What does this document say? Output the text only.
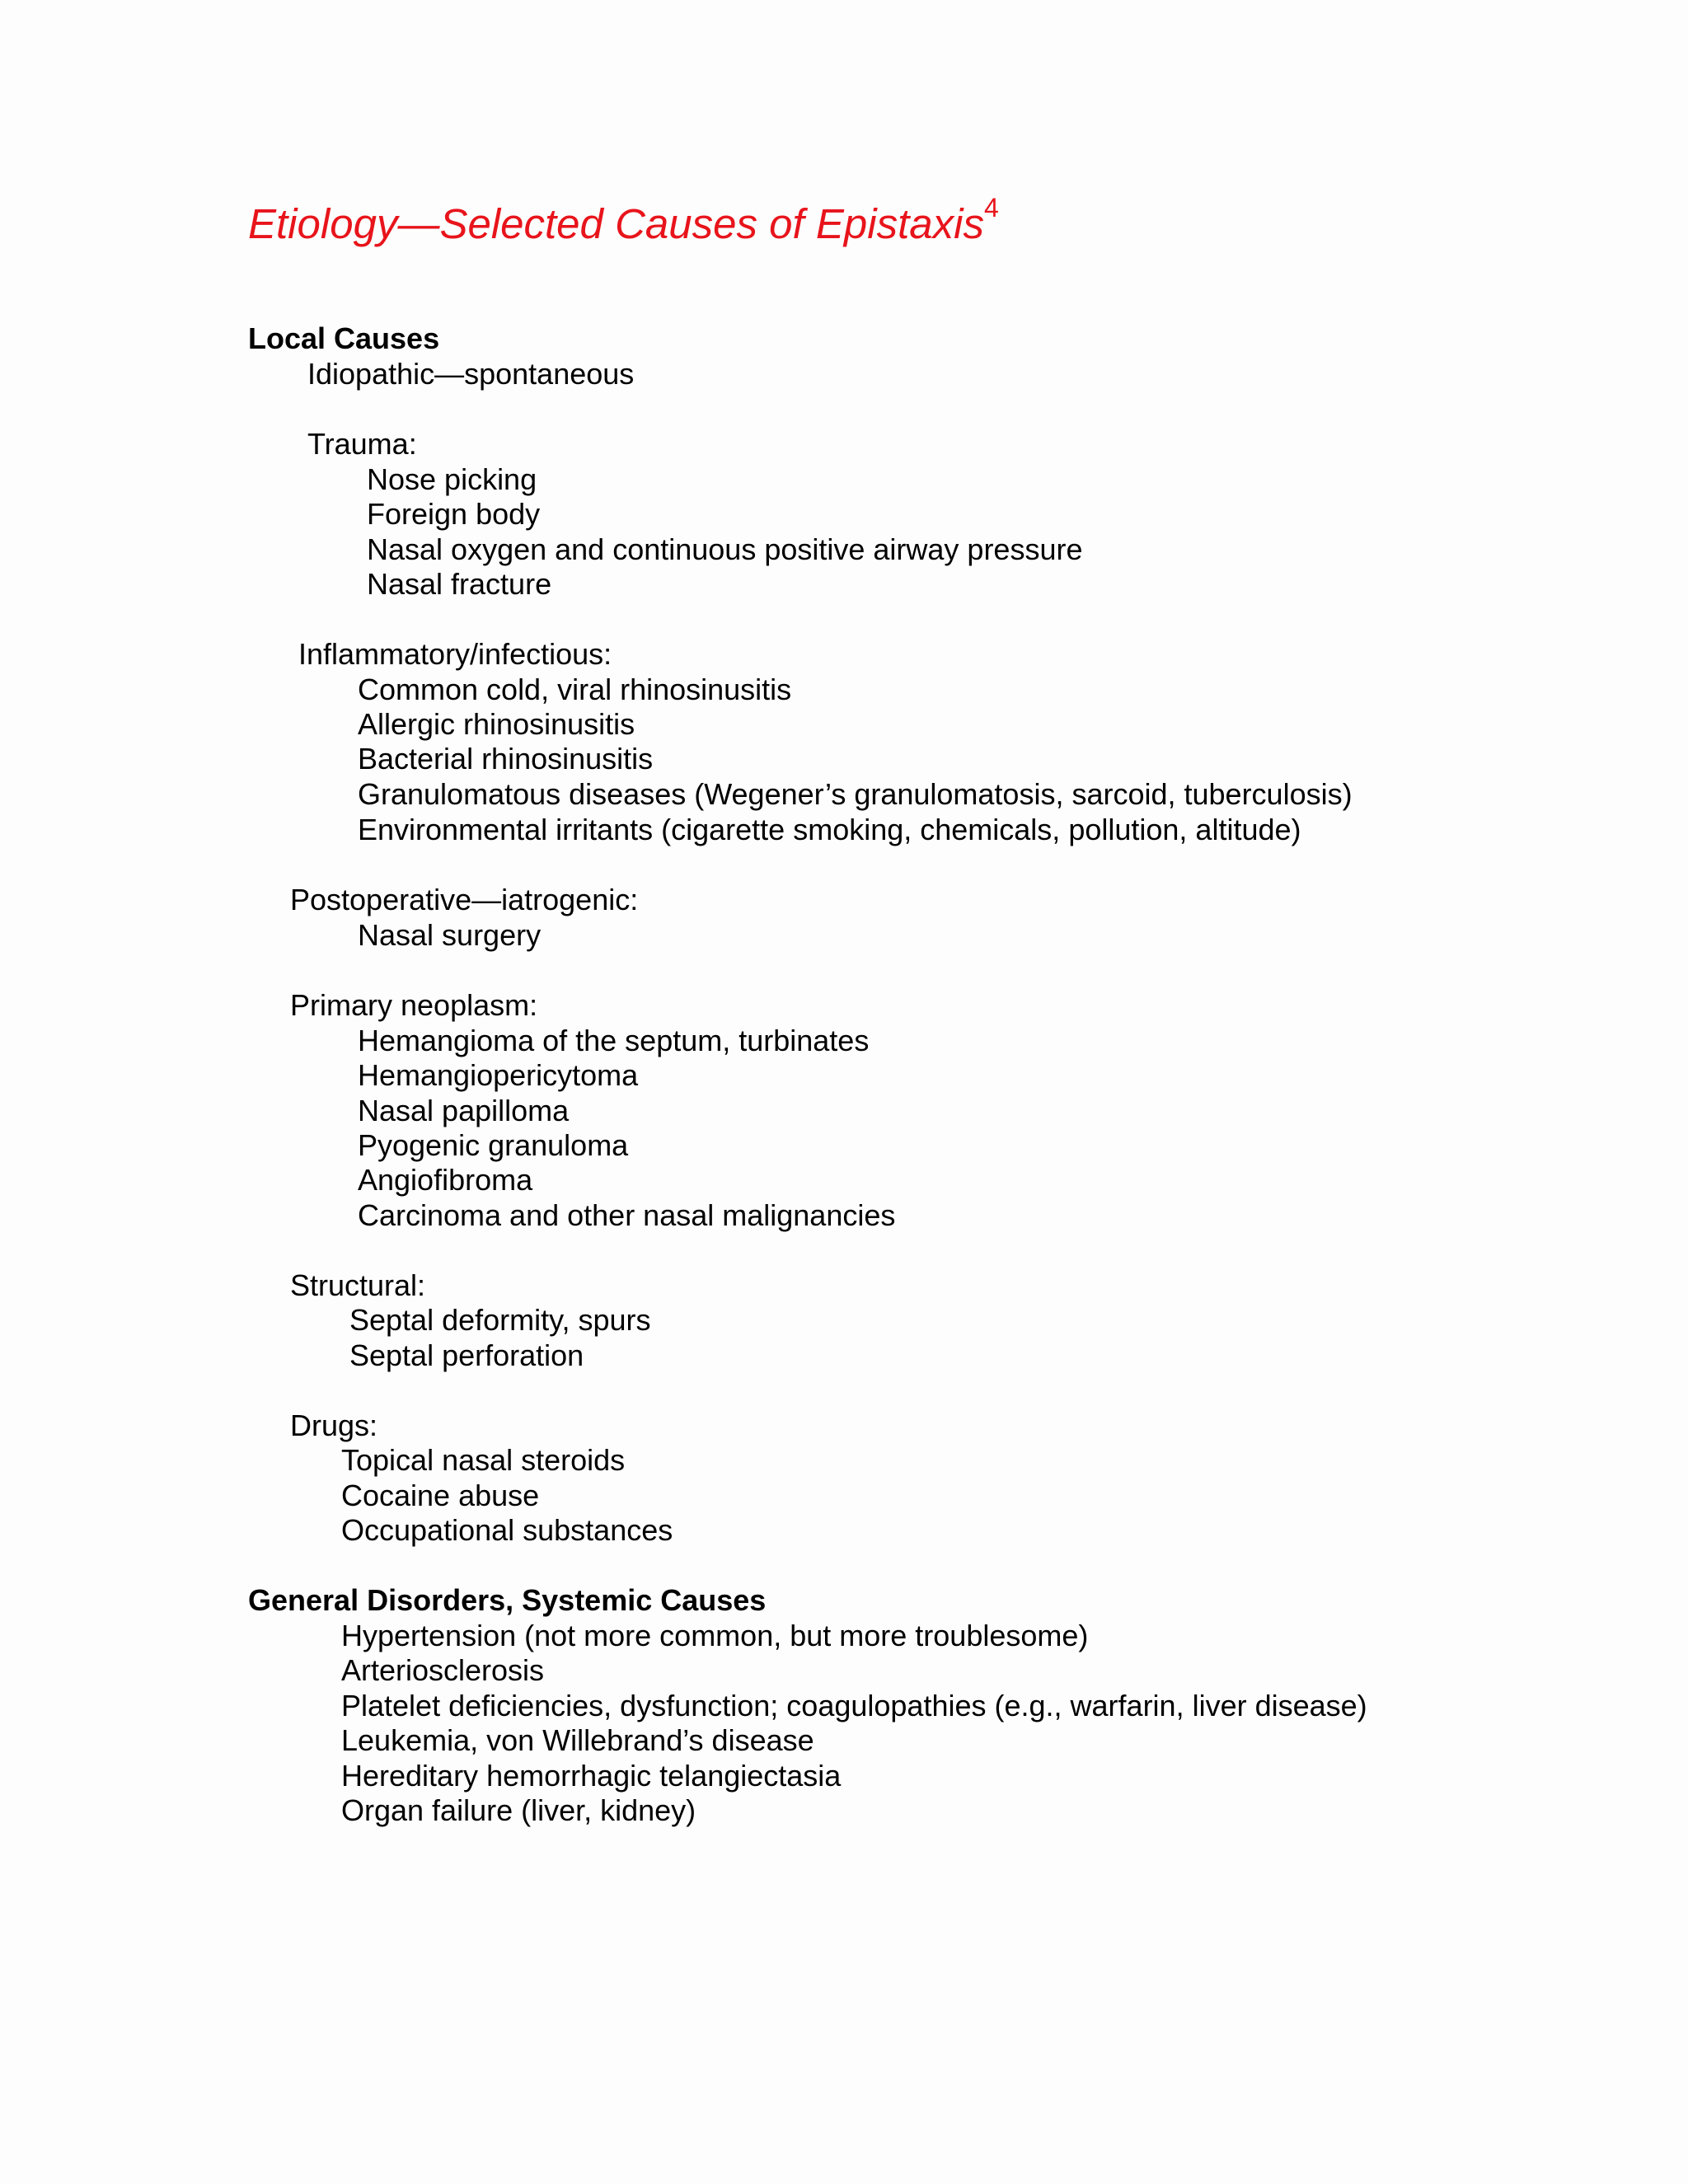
Etiology—Selected Causes of Epistaxis$^4$
Local Causes
Idiopathic—spontaneous
Trauma:
Nose picking
Foreign body
Nasal oxygen and continuous positive airway pressure
Nasal fracture
Inflammatory/infectious:
Common cold, viral rhinosinusitis
Allergic rhinosinusitis
Bacterial rhinosinusitis
Granulomatous diseases (Wegener’s granulomatosis, sarcoid, tuberculosis)
Environmental irritants (cigarette smoking, chemicals, pollution, altitude)
Postoperative—iatrogenic:
Nasal surgery
Primary neoplasm:
Hemangioma of the septum, turbinates
Hemangiopericytoma
Nasal papilloma
Pyogenic granuloma
Angiofibroma
Carcinoma and other nasal malignancies
Structural:
Septal deformity, spurs
Septal perforation
Drugs:
Topical nasal steroids
Cocaine abuse
Occupational substances
General Disorders, Systemic Causes
Hypertension (not more common, but more troublesome)
Arteriosclerosis
Platelet deficiencies, dysfunction; coagulopathies (e.g., warfarin, liver disease)
Leukemia, von Willebrand’s disease
Hereditary hemorrhagic telangiectasia
Organ failure (liver, kidney)
